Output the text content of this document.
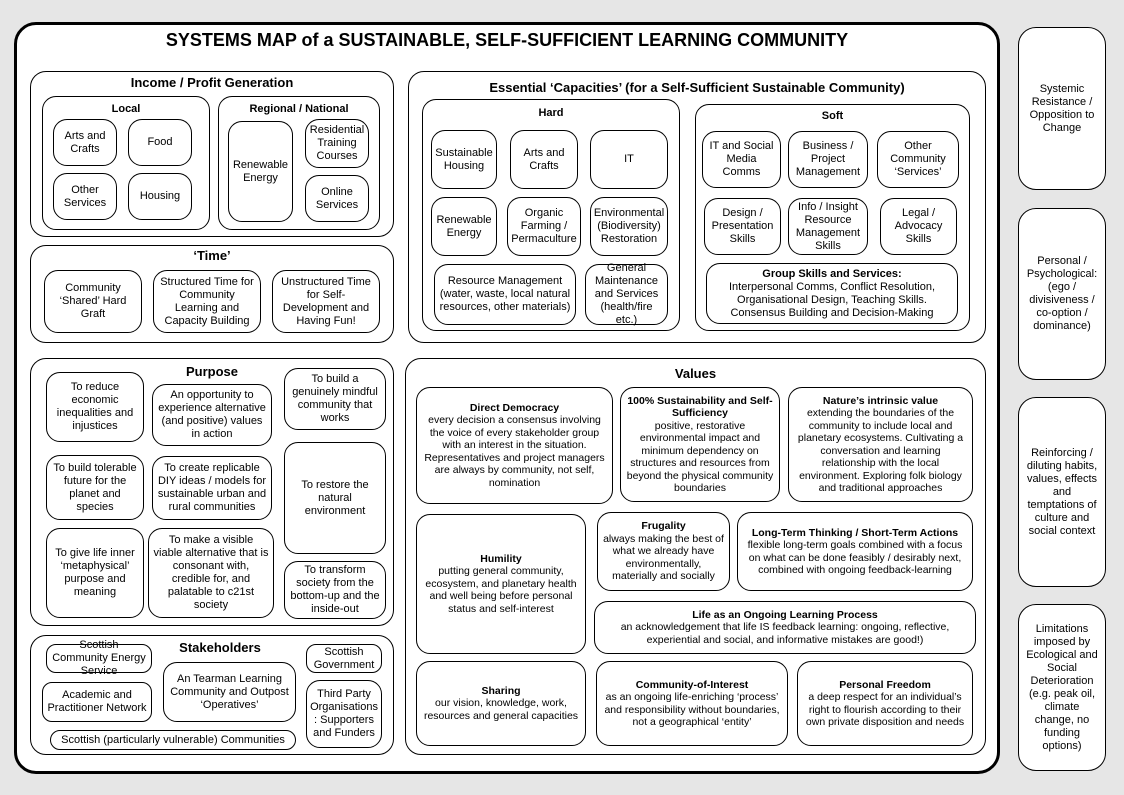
SYSTEMS MAP of a SUSTAINABLE, SELF-SUFFICIENT LEARNING COMMUNITY
Income / Profit Generation
Local
Arts and Crafts
Food
Other Services
Housing
Regional / National
Renewable Energy
Residential Training Courses
Online Services
‘Time’
Community ‘Shared’ Hard Graft
Structured Time for Community Learning and Capacity Building
Unstructured Time for Self-Development and Having Fun!
Essential ‘Capacities’ (for a Self-Sufficient Sustainable Community)
Hard
Sustainable Housing
Arts and Crafts
IT
Renewable Energy
Organic Farming / Permaculture
Environmental (Biodiversity) Restoration
Resource Management (water, waste, local natural resources, other materials)
General Maintenance and Services (health/fire etc.)
Soft
IT and Social Media Comms
Business / Project Management
Other Community ‘Services’
Design / Presentation Skills
Info / Insight Resource Management Skills
Legal / Advocacy Skills
Group Skills and Services:
Interpersonal Comms, Conflict Resolution, Organisational Design, Teaching Skills. Consensus Building and Decision-Making
Purpose
To reduce economic inequalities and injustices
An opportunity to experience alternative (and positive) values in action
To build a genuinely mindful community that works
To build tolerable future for the planet and species
To create replicable DIY ideas / models for sustainable urban and rural communities
To restore the natural environment
To give life inner ‘metaphysical’ purpose and meaning
To make a visible viable alternative that is consonant with, credible for, and palatable to c21st society
To transform society from the bottom-up and the inside-out
Stakeholders
Scottish Community Energy Service
Scottish Government
An Tearman Learning Community and Outpost ‘Operatives’
Academic and Practitioner Network
Third Party Organisations : Supporters and Funders
Scottish (particularly vulnerable) Communities
Values
Direct Democracy
every decision a consensus involving the voice of every stakeholder group with an interest in the situation. Representatives and project managers are always by community, not self, nomination
100% Sustainability and Self-Sufficiency
positive, restorative environmental impact and minimum dependency on structures and resources from beyond the physical community boundaries
Nature’s intrinsic value
extending the boundaries of the community to include local and planetary ecosystems. Cultivating a conversation and learning relationship with the local environment. Exploring folk biology and traditional approaches
Humility
putting general community, ecosystem, and planetary health and well being before personal status and self-interest
Frugality
always making the best of what we already have environmentally, materially and socially
Long-Term Thinking / Short-Term Actions
flexible long-term goals combined with a focus on what can be done feasibly / desirably next, combined with ongoing feedback-learning
Life as an Ongoing Learning Process
an acknowledgement that life IS feedback learning: ongoing, reflective, experiential and social, and informative mistakes are good!)
Sharing
our vision, knowledge, work, resources and general capacities
Community-of-Interest
as an ongoing life-enriching ‘process’ and responsibility without boundaries, not a geographical ‘entity’
Personal Freedom
a deep respect for an individual’s right to flourish according to their own private disposition and needs
Systemic Resistance / Opposition to Change
Personal / Psychological: (ego / divisiveness / co-option / dominance)
Reinforcing / diluting habits, values, effects and temptations of culture and social context
Limitations imposed by Ecological and Social Deterioration (e.g. peak oil, climate change, no funding options)
